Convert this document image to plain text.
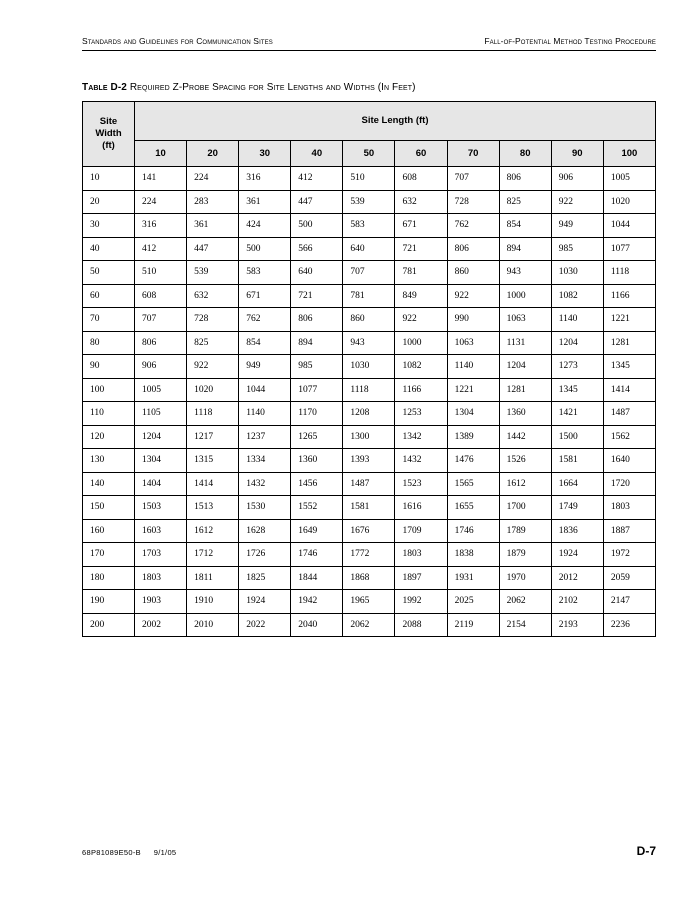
Standards and Guidelines for Communication Sites	Fall-of-Potential Method Testing Procedure
Table D-2 Required Z-Probe Spacing for Site Lengths and Widths (In Feet)
Site
Width
(ft)	Site Length (ft)									
	10	20	30	40	50	60	70	80	90	100
10	141	224	316	412	510	608	707	806	906	1005
20	224	283	361	447	539	632	728	825	922	1020
30	316	361	424	500	583	671	762	854	949	1044
40	412	447	500	566	640	721	806	894	985	1077
50	510	539	583	640	707	781	860	943	1030	1118
60	608	632	671	721	781	849	922	1000	1082	1166
70	707	728	762	806	860	922	990	1063	1140	1221
80	806	825	854	894	943	1000	1063	1131	1204	1281
90	906	922	949	985	1030	1082	1140	1204	1273	1345
100	1005	1020	1044	1077	1118	1166	1221	1281	1345	1414
110	1105	1118	1140	1170	1208	1253	1304	1360	1421	1487
120	1204	1217	1237	1265	1300	1342	1389	1442	1500	1562
130	1304	1315	1334	1360	1393	1432	1476	1526	1581	1640
140	1404	1414	1432	1456	1487	1523	1565	1612	1664	1720
150	1503	1513	1530	1552	1581	1616	1655	1700	1749	1803
160	1603	1612	1628	1649	1676	1709	1746	1789	1836	1887
170	1703	1712	1726	1746	1772	1803	1838	1879	1924	1972
180	1803	1811	1825	1844	1868	1897	1931	1970	2012	2059
190	1903	1910	1924	1942	1965	1992	2025	2062	2102	2147
200	2002	2010	2022	2040	2062	2088	2119	2154	2193	2236
68P81089E50-B 9/1/05	D-7
